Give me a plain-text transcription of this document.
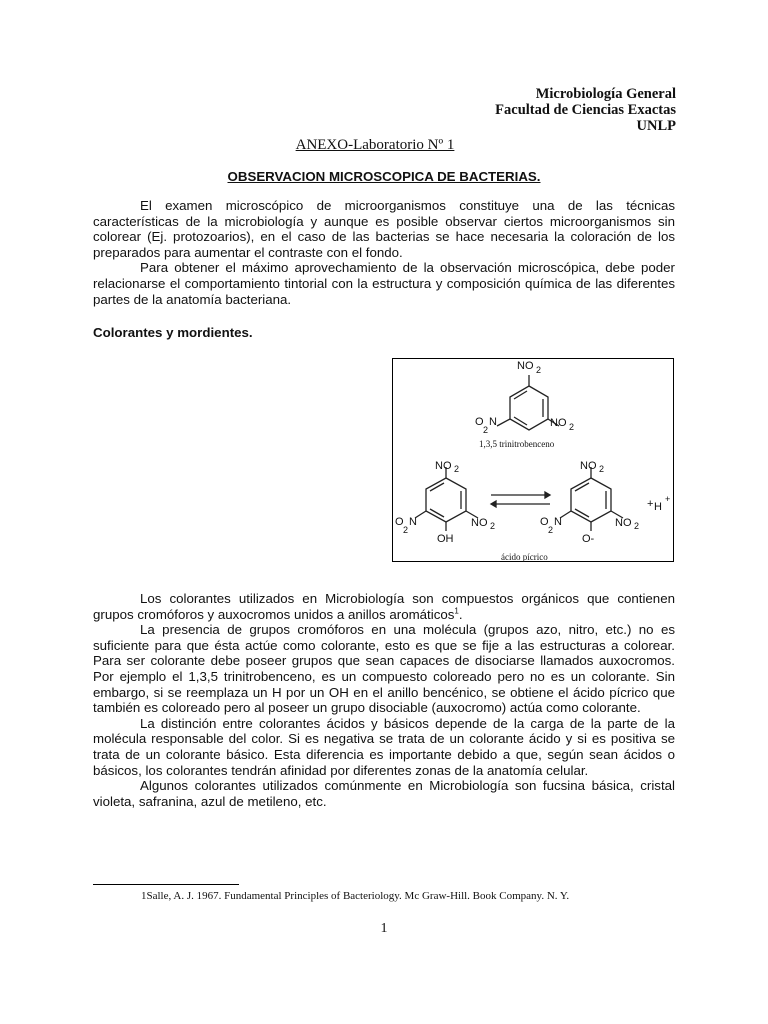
Microbiología General
Facultad de Ciencias Exactas
UNLP
ANEXO-Laboratorio Nº 1
OBSERVACION MICROSCOPICA DE BACTERIAS.

El examen microscópico de microorganismos constituye una de las técnicas características de la microbiología y aunque es posible observar ciertos microorganismos sin colorear (Ej. protozoarios), en el caso de las bacterias se hace necesaria la coloración de los preparados para aumentar el contraste con el fondo.

Para obtener el máximo aprovechamiento de la observación microscópica, debe poder relacionarse el comportamiento tintorial con la estructura y composición química de las diferentes partes de la anatomía bacteriana.

Colorantes y mordientes.
NO 2
O
2
N	NO 2
1,3,5 trinitrobenceno
NO 2
O
2
N	NO 2
OH
NO 2
O
2
N	NO 2
O-
+ H
+
ácido pícrico

Los colorantes utilizados en Microbiología son compuestos orgánicos que contienen grupos cromóforos y auxocromos unidos a anillos aromáticos$^1$.

La presencia de grupos cromóforos en una molécula (grupos azo, nitro, etc.) no es suficiente para que ésta actúe como colorante, esto es que se fije a las estructuras a colorear. Para ser colorante debe poseer grupos que sean capaces de disociarse llamados auxocromos. Por ejemplo el 1,3,5 trinitrobenceno, es un compuesto coloreado pero no es un colorante. Sin embargo, si se reemplaza un H por un OH en el anillo bencénico, se obtiene el ácido pícrico que también es coloreado pero al poseer un grupo disociable (auxocromo) actúa como colorante.

La distinción entre colorantes ácidos y básicos depende de la carga de la parte de la molécula responsable del color. Si es negativa se trata de un colorante ácido y si es positiva se trata de un colorante básico. Esta diferencia es importante debido a que, según sean ácidos o básicos, los colorantes tendrán afinidad por diferentes zonas de la anatomía celular.

Algunos colorantes utilizados comúnmente en Microbiología son fucsina básica, cristal violeta, safranina, azul de metileno, etc.

1Salle, A. J. 1967. Fundamental Principles of Bacteriology. Mc Graw-Hill. Book Company. N. Y.
1
